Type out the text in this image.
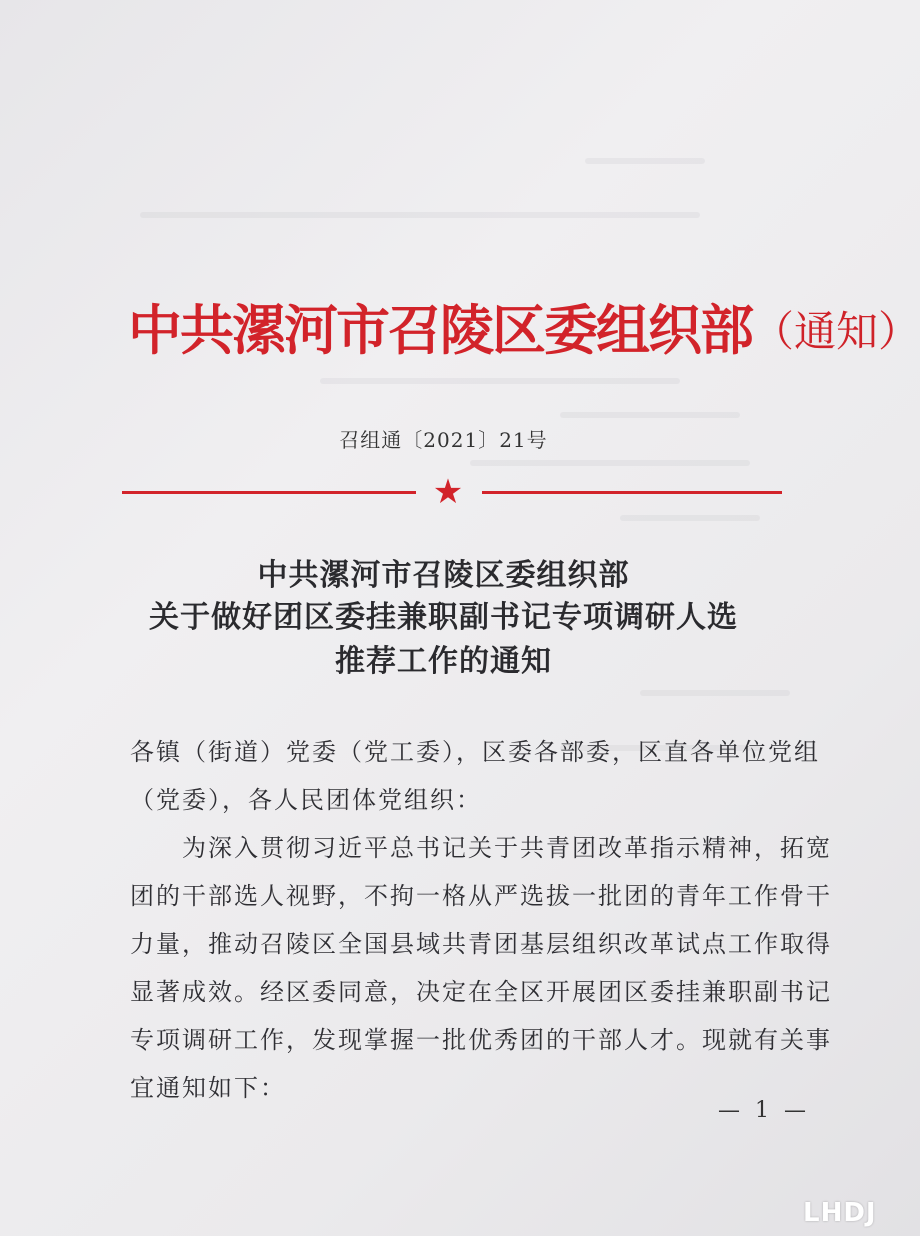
中共漯河市召陵区委组织部（通知）
召组通〔2021〕21号
★
中共漯河市召陵区委组织部
关于做好团区委挂兼职副书记专项调研人选
推荐工作的通知
各镇（街道）党委（党工委），区委各部委，区直各单位党组
（党委），各人民团体党组织：
　　为深入贯彻习近平总书记关于共青团改革指示精神，拓宽
团的干部选人视野，不拘一格从严选拔一批团的青年工作骨干
力量，推动召陵区全国县域共青团基层组织改革试点工作取得
显著成效。经区委同意，决定在全区开展团区委挂兼职副书记
专项调研工作，发现掌握一批优秀团的干部人才。现就有关事
宜通知如下：
— 1 —
LHDJ
